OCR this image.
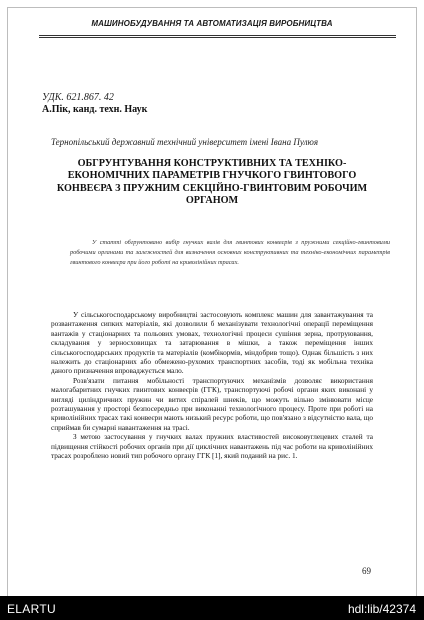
МАШИНОБУДУВАННЯ ТА АВТОМАТИЗАЦІЯ ВИРОБНИЦТВА
УДК. 621.867. 42
А.Пік, канд. техн. Наук
Тернопільський державний технічний університет імені Івана Пулюя
ОБГРУНТУВАННЯ КОНСТРУКТИВНИХ ТА ТЕХНІКО-ЕКОНОМІЧНИХ ПАРАМЕТРІВ ГНУЧКОГО ГВИНТОВОГО КОНВЕЄРА З ПРУЖНИМ СЕКЦІЙНО-ГВИНТОВИМ РОБОЧИМ ОРГАНОМ
У статті обгрунтовано вибір гнучких валів для гвинтових конвеєрів з пружними секційно-гвинтовими робочими органами та залежностей для визначення основних конструктивних та техніко-економічних параметрів гвинтового конвеєра при його роботі на криволінійних трасах.

У сільськогосподарському виробництві застосовують комплекс машин для завантажування та розвантаження сипких матеріалів, які дозволили б механізувати технологічні операції переміщення вантажів у стаціонарних та польових умовах, технологічні процеси сушіння зерна, протруювання, складування у зерносховищах та затарювання в мішки, а також переміщення інших сільськогосподарських продуктів та матеріалів (комбікормів, міндобрив тощо). Однак більшість з них належить до стаціонарних або обмежено-рухомих транспортних засобів, тоді як мобільна техніка даного призначення впроваджується мало.

Розв'язати питання мобільності транспортуючих механізмів дозволяє використання малогабаритних гнучких гвинтових конвеєрів (ГГК), транспортуючі робочі органи яких виконані у вигляді циліндричних пружин чи витих спіралей шнеків, що можуть вільно змінювати місце розташування у просторі безпосередньо при виконанні технологічного процесу. Проте при роботі на криволінійних трасах такі конвеєри мають низький ресурс роботи, що пов'язано з відсутністю вала, що сприймав би сумарні навантаження на трасі.

З метою застосування у гнучких валах пружних властивостей високовуглецевих сталей та підвищення стійкості робочих органів при дії циклічних навантажень під час роботи на криволінійних трасах розроблено новий тип робочого органу ГГК [1], який поданий на рис. 1.

69
ELARTU	hdl:lib/42374
